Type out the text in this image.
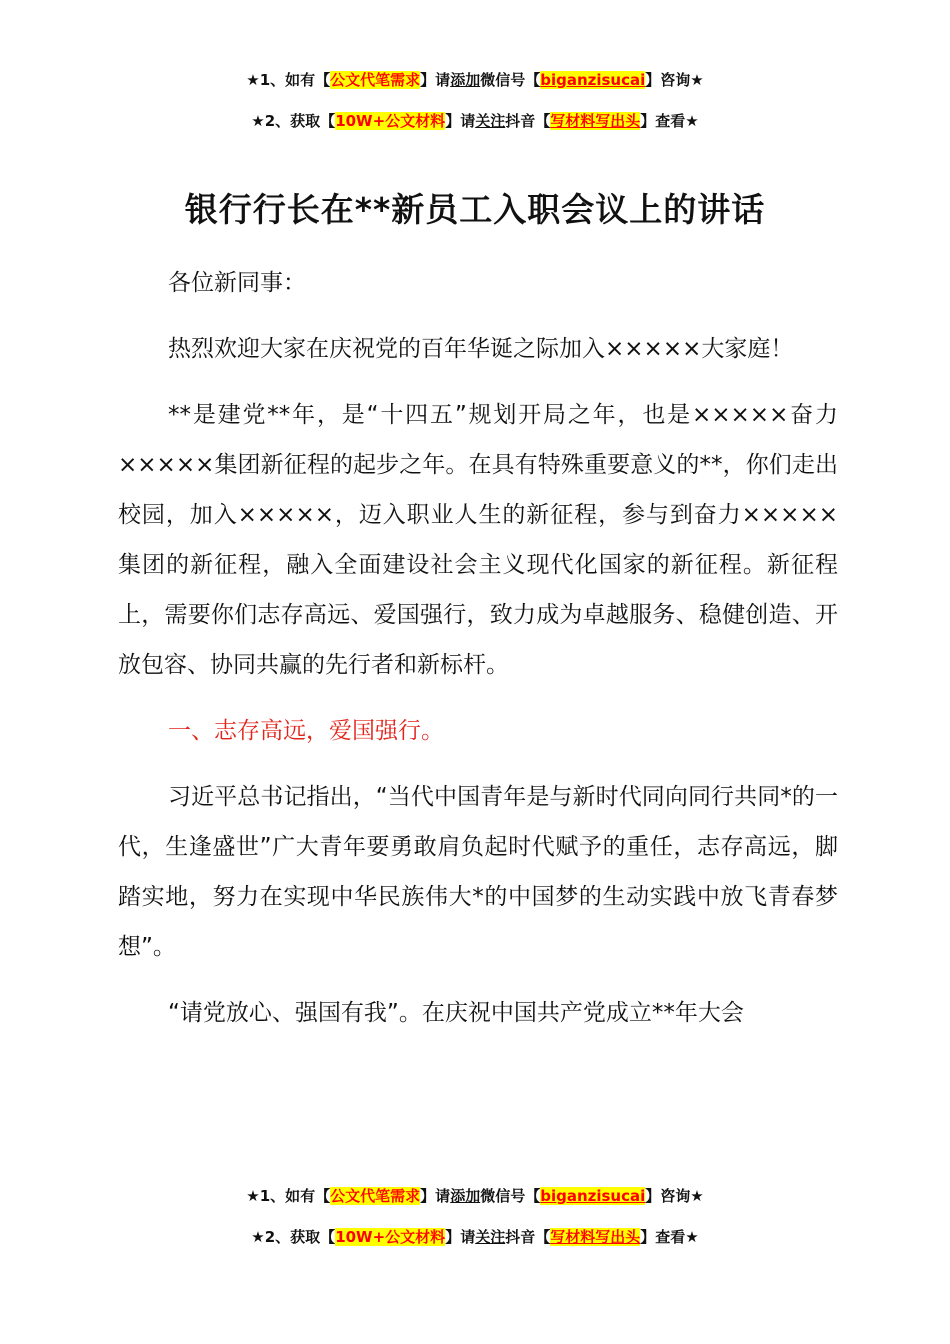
★1、如有【公文代笔需求】请添加微信号【biganzisucai】咨询★
★2、获取【10W+公文材料】请关注抖音【写材料写出头】查看★
银行行长在**新员工入职会议上的讲话

各位新同事：

热烈欢迎大家在庆祝党的百年华诞之际加入×××××大家庭！

**是建党**年，是“十四五”规划开局之年，也是×××××奋力×××××集团新征程的起步之年。在具有特殊重要意义的**，你们走出校园，加入×××××，迈入职业人生的新征程，参与到奋力×××××集团的新征程，融入全面建设社会主义现代化国家的新征程。新征程上，需要你们志存高远、爱国强行，致力成为卓越服务、稳健创造、开放包容、协同共赢的先行者和新标杆。

一、志存高远，爱国强行。

习近平总书记指出，“当代中国青年是与新时代同向同行共同*的一代，生逢盛世”广大青年要勇敢肩负起时代赋予的重任，志存高远，脚踏实地，努力在实现中华民族伟大*的中国梦的生动实践中放飞青春梦想”。

“请党放心、强国有我”。在庆祝中国共产党成立**年大会

★1、如有【公文代笔需求】请添加微信号【biganzisucai】咨询★
★2、获取【10W+公文材料】请关注抖音【写材料写出头】查看★
